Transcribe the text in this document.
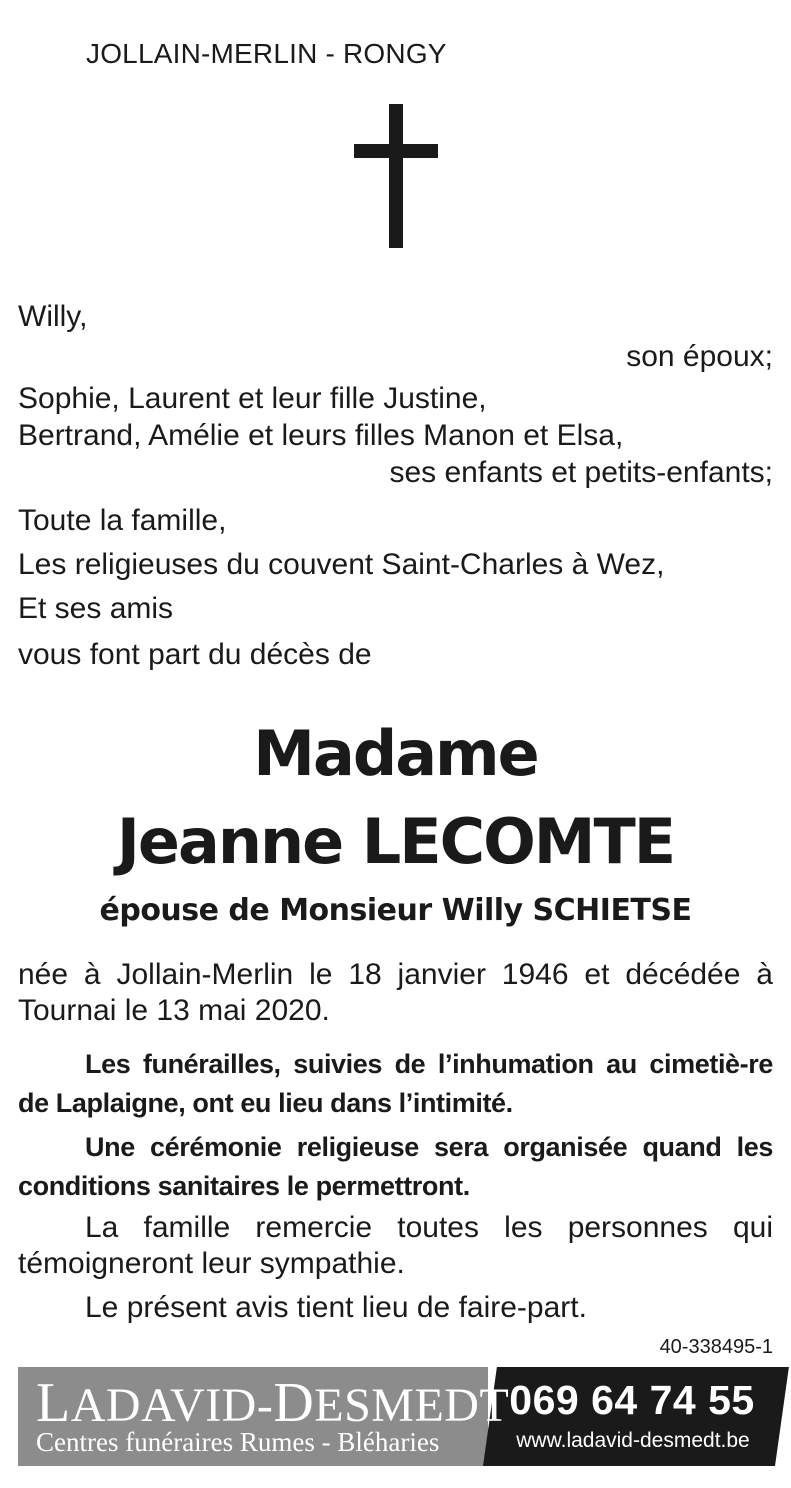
JOLLAIN-MERLIN - RONGY

Willy,

son époux;

Sophie, Laurent et leur fille Justine,

Bertrand, Amélie et leurs filles Manon et Elsa,

ses enfants et petits-enfants;

Toute la famille,

Les religieuses du couvent Saint-Charles à Wez,

Et ses amis

vous font part du décès de

Madame

Jeanne LECOMTE

épouse de Monsieur Willy SCHIETSE

née à Jollain-Merlin le 18 janvier 1946 et décédée à Tournai le 13 mai 2020.

Les funérailles, suivies de l’inhumation au cimetiè-re de Laplaigne, ont eu lieu dans l’intimité.

Une cérémonie religieuse sera organisée quand les conditions sanitaires le permettront.

La famille remercie toutes les personnes qui témoigneront leur sympathie.

Le présent avis tient lieu de faire-part.

40-338495-1

LADAVID-DESMEDT
Centres funéraires Rumes - Bléharies
069 64 74 55
www.ladavid-desmedt.be
